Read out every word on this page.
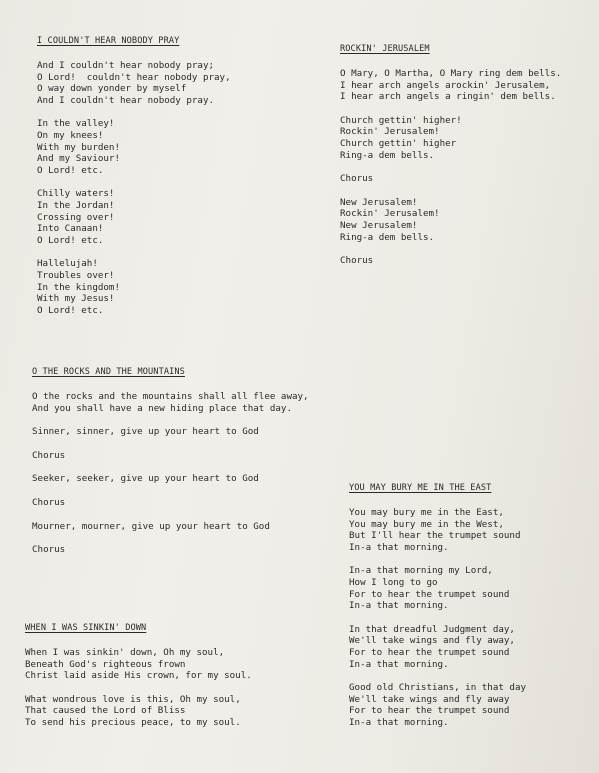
I COULDN'T HEAR NOBODY PRAY
And I couldn't hear nobody pray;
O Lord!  couldn't hear nobody pray,
O way down yonder by myself
And I couldn't hear nobody pray.
In the valley!
On my knees!
With my burden!
And my Saviour!
O Lord! etc.
Chilly waters!
In the Jordan!
Crossing over!
Into Canaan!
O Lord! etc.
Hallelujah!
Troubles over!
In the kingdom!
With my Jesus!
O Lord! etc.
ROCKIN' JERUSALEM
O Mary, O Martha, O Mary ring dem bells.
I hear arch angels arockin' Jerusalem,
I hear arch angels a ringin' dem bells.
Church gettin' higher!
Rockin' Jerusalem!
Church gettin' higher
Ring-a dem bells.
Chorus
New Jerusalem!
Rockin' Jerusalem!
New Jerusalem!
Ring-a dem bells.
Chorus
O THE ROCKS AND THE MOUNTAINS
O the rocks and the mountains shall all flee away,
And you shall have a new hiding place that day.
Sinner, sinner, give up your heart to God
Chorus
Seeker, seeker, give up your heart to God
Chorus
Mourner, mourner, give up your heart to God
Chorus
YOU MAY BURY ME IN THE EAST
You may bury me in the East,
You may bury me in the West,
But I'll hear the trumpet sound
In-a that morning.
In-a that morning my Lord,
How I long to go
For to hear the trumpet sound
In-a that morning.
In that dreadful Judgment day,
We'll take wings and fly away,
For to hear the trumpet sound
In-a that morning.
Good old Christians, in that day
We'll take wings and fly away
For to hear the trumpet sound
In-a that morning.
WHEN I WAS SINKIN' DOWN
When I was sinkin' down, Oh my soul,
Beneath God's righteous frown
Christ laid aside His crown, for my soul.
What wondrous love is this, Oh my soul,
That caused the Lord of Bliss
To send his precious peace, to my soul.
